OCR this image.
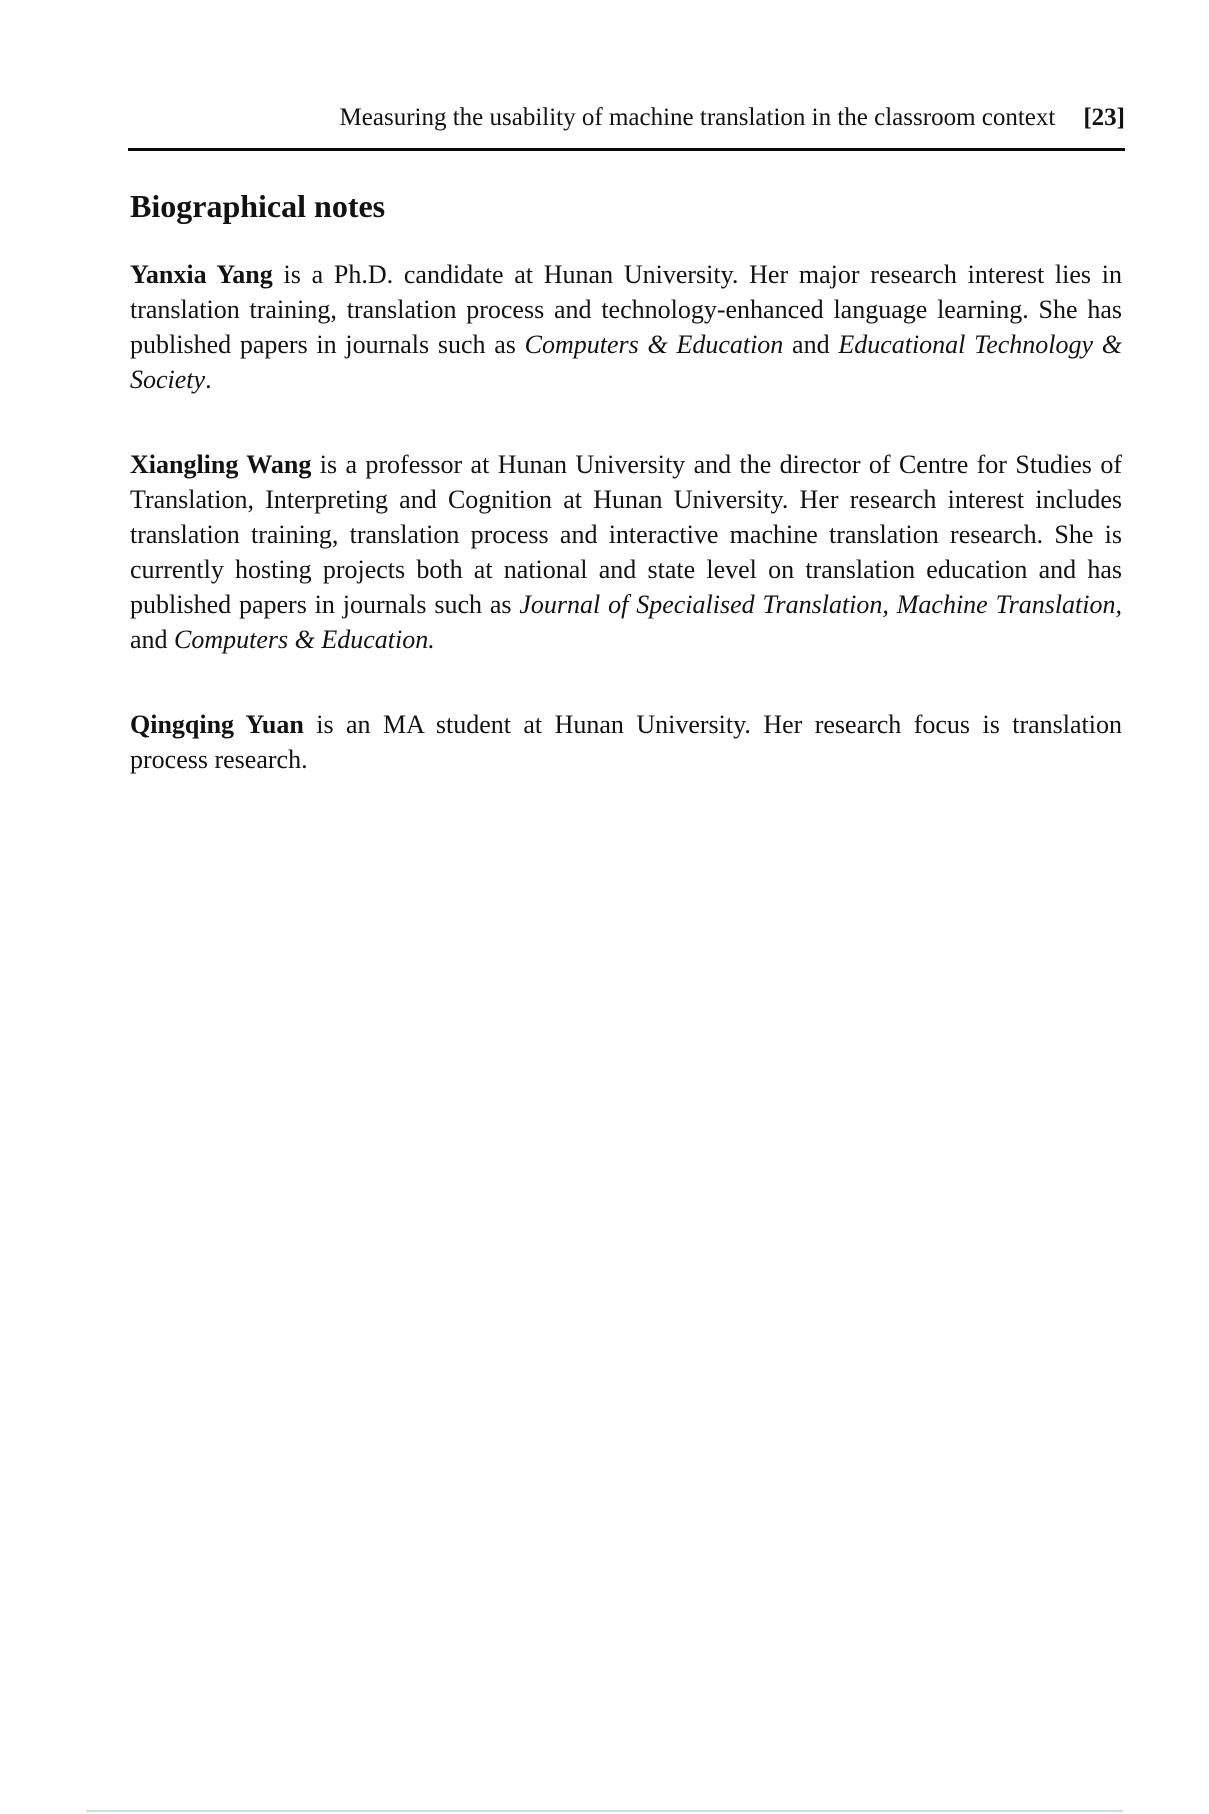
Measuring the usability of machine translation in the classroom context [23]
Biographical notes

Yanxia Yang is a Ph.D. candidate at Hunan University. Her major research interest lies in translation training, translation process and technology-enhanced language learning. She has published papers in journals such as Computers & Education and Educational Technology & Society.

Xiangling Wang is a professor at Hunan University and the director of Centre for Studies of Translation, Interpreting and Cognition at Hunan University. Her research interest includes translation training, translation process and interactive machine translation research. She is currently hosting projects both at national and state level on translation education and has published papers in journals such as Journal of Specialised Translation, Machine Translation, and Computers & Education.

Qingqing Yuan is an MA student at Hunan University. Her research focus is translation process research.
